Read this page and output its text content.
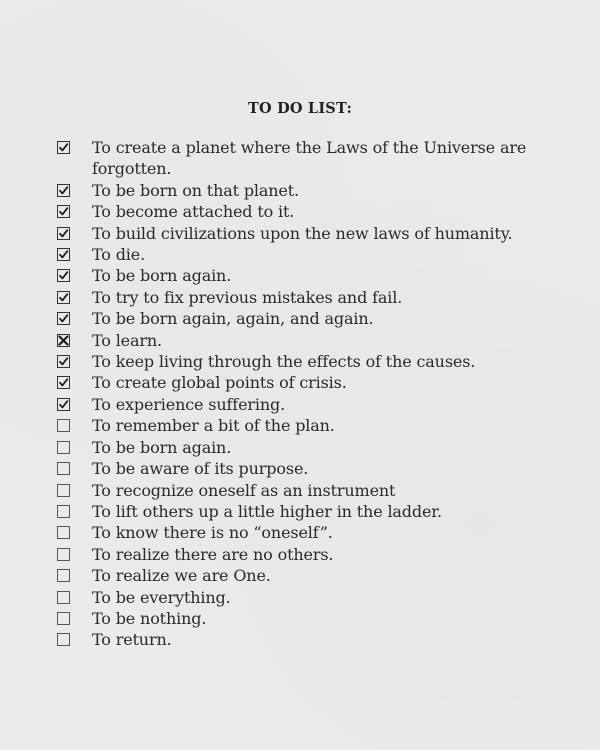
TO DO LIST:
To create a planet where the Laws of the Universe are forgotten.
To be born on that planet.
To become attached to it.
To build civilizations upon the new laws of humanity.
To die.
To be born again.
To try to fix previous mistakes and fail.
To be born again, again, and again.
To learn.
To keep living through the effects of the causes.
To create global points of crisis.
To experience suffering.
To remember a bit of the plan.
To be born again.
To be aware of its purpose.
To recognize oneself as an instrument
To lift others up a little higher in the ladder.
To know there is no “oneself”.
To realize there are no others.
To realize we are One.
To be everything.
To be nothing.
To return.
